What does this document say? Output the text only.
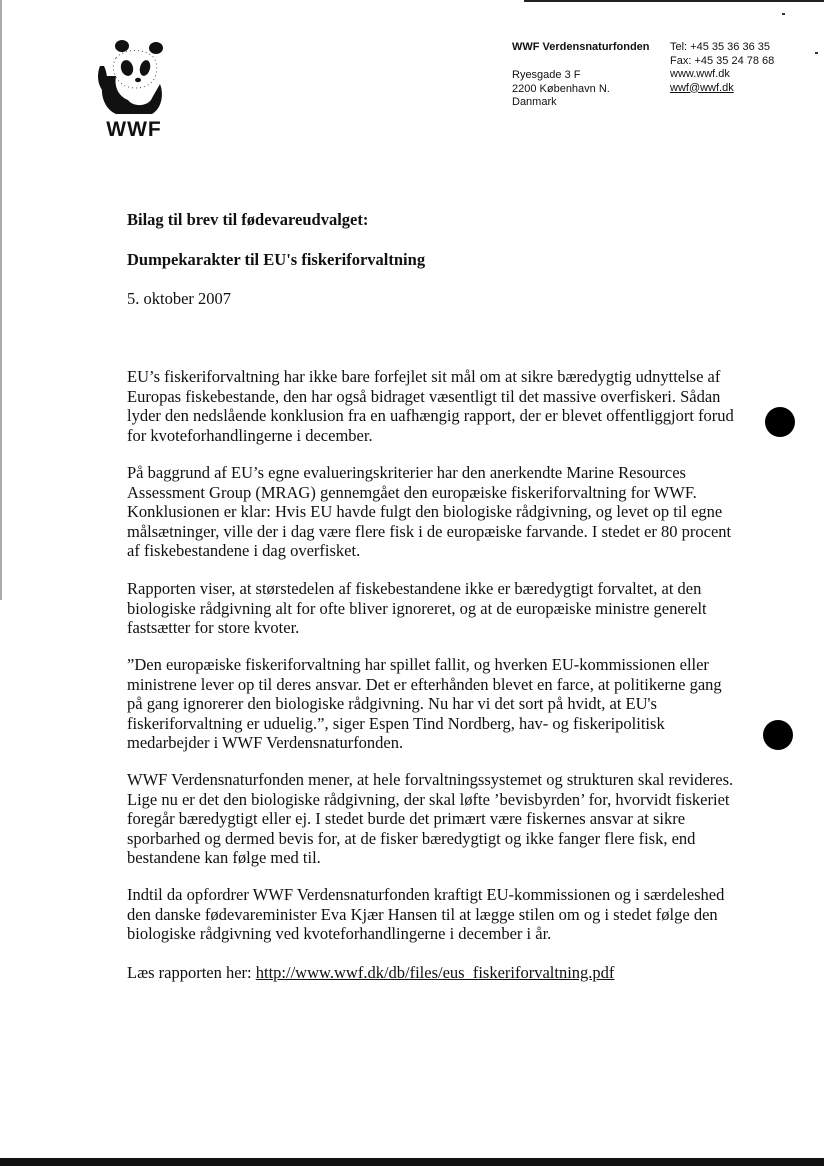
WWF
WWF Verdensnaturfonden
Ryesgade 3 F
2200 København N.
Danmark
Tel: +45 35 36 36 35
Fax: +45 35 24 78 68
www.wwf.dk
wwf@wwf.dk
Bilag til brev til fødevareudvalget:
Dumpekarakter til EU's fiskeriforvaltning
5. oktober 2007

EU’s fiskeriforvaltning har ikke bare forfejlet sit mål om at sikre bæredygtig udnyttelse af Europas fiskebestande, den har også bidraget væsentligt til det massive overfiskeri. Sådan lyder den nedslående konklusion fra en uafhængig rapport, der er blevet offentliggjort forud for kvoteforhandlingerne i december.

På baggrund af EU’s egne evalueringskriterier har den anerkendte Marine Resources Assessment Group (MRAG) gennemgået den europæiske fiskeriforvaltning for WWF. Konklusionen er klar: Hvis EU havde fulgt den biologiske rådgivning, og levet op til egne målsætninger, ville der i dag være flere fisk i de europæiske farvande. I stedet er 80 procent af fiskebestandene i dag overfisket.

Rapporten viser, at størstedelen af fiskebestandene ikke er bæredygtigt forvaltet, at den biologiske rådgivning alt for ofte bliver ignoreret, og at de europæiske ministre generelt fastsætter for store kvoter.

”Den europæiske fiskeriforvaltning har spillet fallit, og hverken EU-kommissionen eller ministrene lever op til deres ansvar. Det er efterhånden blevet en farce, at politikerne gang på gang ignorerer den biologiske rådgivning. Nu har vi det sort på hvidt, at EU's fiskeriforvaltning er uduelig.”, siger Espen Tind Nordberg, hav- og fiskeripolitisk medarbejder i WWF Verdensnaturfonden.

WWF Verdensnaturfonden mener, at hele forvaltningssystemet og strukturen skal revideres. Lige nu er det den biologiske rådgivning, der skal løfte ’bevisbyrden’ for, hvorvidt fiskeriet foregår bæredygtigt eller ej. I stedet burde det primært være fiskernes ansvar at sikre sporbarhed og dermed bevis for, at de fisker bæredygtigt og ikke fanger flere fisk, end bestandene kan følge med til.

Indtil da opfordrer WWF Verdensnaturfonden kraftigt EU-kommissionen og i særdeleshed den danske fødevareminister Eva Kjær Hansen til at lægge stilen om og i stedet følge den biologiske rådgivning ved kvoteforhandlingerne i december i år.

Læs rapporten her: http://www.wwf.dk/db/files/eus_fiskeriforvaltning.pdf
